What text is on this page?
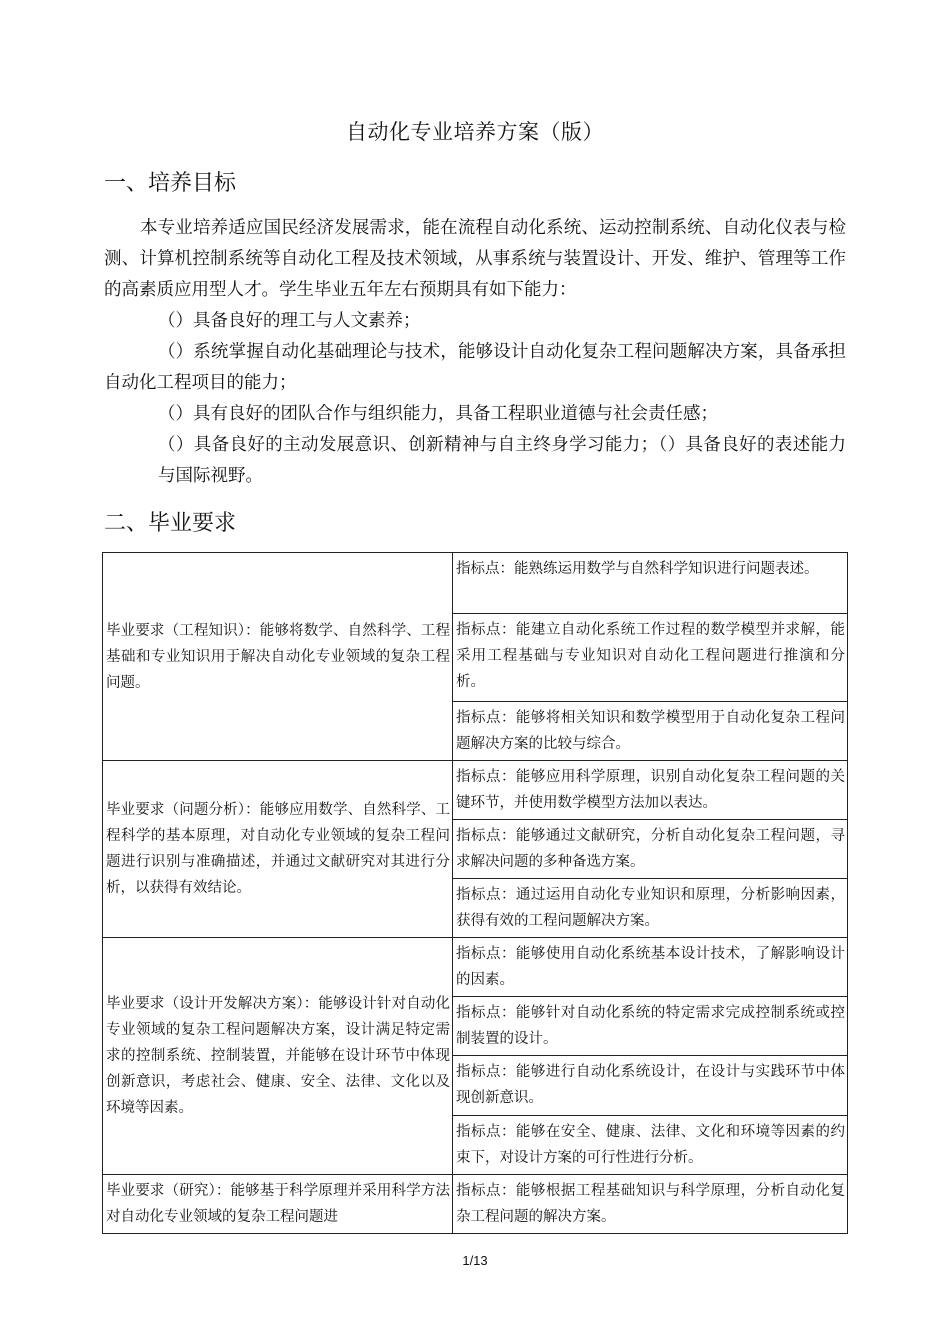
自动化专业培养方案（版）
一、培养目标
本专业培养适应国民经济发展需求，能在流程自动化系统、运动控制系统、自动化仪表与检测、计算机控制系统等自动化工程及技术领域，从事系统与装置设计、开发、维护、管理等工作的高素质应用型人才。学生毕业五年左右预期具有如下能力：
（）具备良好的理工与人文素养；
（）系统掌握自动化基础理论与技术，能够设计自动化复杂工程问题解决方案，具备承担自动化工程项目的能力；
（）具有良好的团队合作与组织能力，具备工程职业道德与社会责任感；
（）具备良好的主动发展意识、创新精神与自主终身学习能力；（）具备良好的表述能力与国际视野。
二、毕业要求
毕业要求（工程知识）：能够将数学、自然科学、工程基础和专业知识用于解决自动化专业领域的复杂工程问题。	指标点：能熟练运用数学与自然科学知识进行问题表述。
	指标点：能建立自动化系统工作过程的数学模型并求解，能采用工程基础与专业知识对自动化工程问题进行推演和分析。
	指标点：能够将相关知识和数学模型用于自动化复杂工程问题解决方案的比较与综合。
毕业要求（问题分析）：能够应用数学、自然科学、工程科学的基本原理，对自动化专业领域的复杂工程问题进行识别与准确描述，并通过文献研究对其进行分析，以获得有效结论。	指标点：能够应用科学原理，识别自动化复杂工程问题的关键环节，并使用数学模型方法加以表达。
	指标点：能够通过文献研究，分析自动化复杂工程问题，寻求解决问题的多种备选方案。
	指标点：通过运用自动化专业知识和原理，分析影响因素，获得有效的工程问题解决方案。
毕业要求（设计开发解决方案）：能够设计针对自动化专业领域的复杂工程问题解决方案，设计满足特定需求的控制系统、控制装置，并能够在设计环节中体现创新意识，考虑社会、健康、安全、法律、文化以及环境等因素。	指标点：能够使用自动化系统基本设计技术，了解影响设计的因素。
	指标点：能够针对自动化系统的特定需求完成控制系统或控制装置的设计。
	指标点：能够进行自动化系统设计，在设计与实践环节中体现创新意识。
	指标点：能够在安全、健康、法律、文化和环境等因素的约束下，对设计方案的可行性进行分析。
毕业要求（研究）：能够基于科学原理并采用科学方法对自动化专业领域的复杂工程问题进	指标点：能够根据工程基础知识与科学原理，分析自动化复杂工程问题的解决方案。
1/13
